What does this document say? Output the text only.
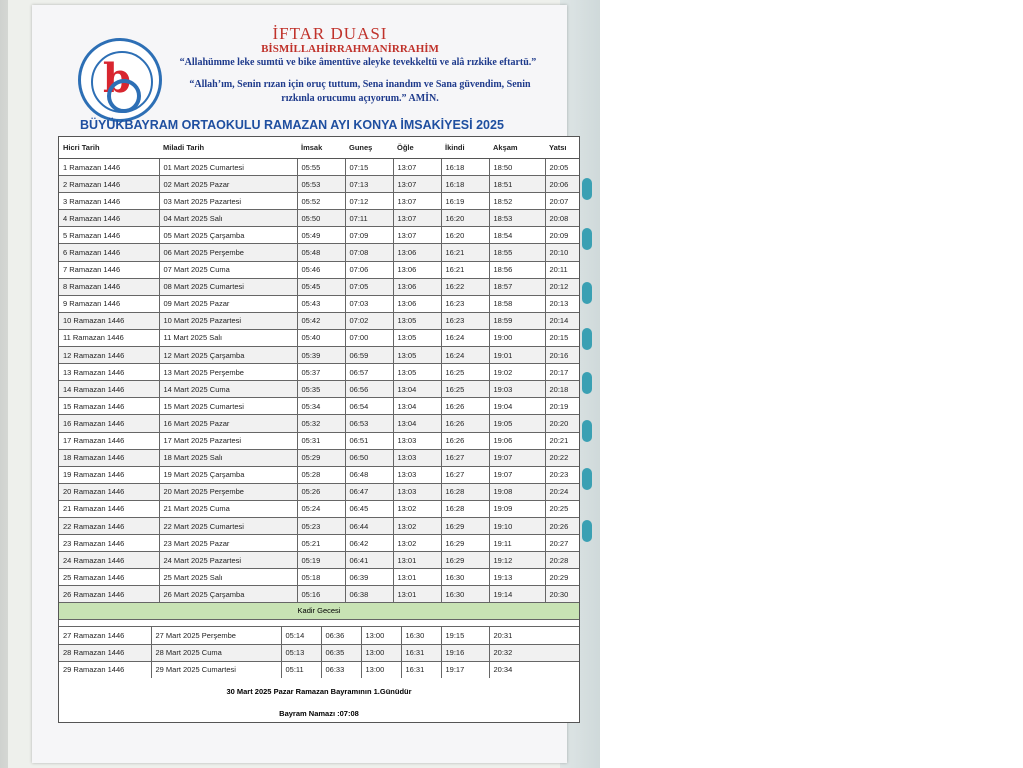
b
İFTAR DUASI
BİSMİLLAHİRRAHMANİRRAHİM
“Allahümme leke sumtü ve bike âmentüve aleyke tevekkeltü ve alâ rızkike eftartü.”
“Allah’ım, Senin rızan için oruç tuttum, Sena inandım ve Sana güvendim, Senin rızkınla orucumu açıyorum.” AMİN.
BÜYÜKBAYRAM ORTAOKULU RAMAZAN AYI KONYA İMSAKİYESİ 2025
Hicri Tarih	Miladi Tarih	İmsak	Guneş	Öğle	İkindi	Akşam	Yatsı
1 Ramazan 1446	01 Mart 2025 Cumartesi	05:55	07:15	13:07	16:18	18:50	20:05
2 Ramazan 1446	02 Mart 2025 Pazar	05:53	07:13	13:07	16:18	18:51	20:06
3 Ramazan 1446	03 Mart 2025 Pazartesi	05:52	07:12	13:07	16:19	18:52	20:07
4 Ramazan 1446	04 Mart 2025 Salı	05:50	07:11	13:07	16:20	18:53	20:08
5 Ramazan 1446	05 Mart 2025 Çarşamba	05:49	07:09	13:07	16:20	18:54	20:09
6 Ramazan 1446	06 Mart 2025 Perşembe	05:48	07:08	13:06	16:21	18:55	20:10
7 Ramazan 1446	07 Mart 2025 Cuma	05:46	07:06	13:06	16:21	18:56	20:11
8 Ramazan 1446	08 Mart 2025 Cumartesi	05:45	07:05	13:06	16:22	18:57	20:12
9 Ramazan 1446	09 Mart 2025 Pazar	05:43	07:03	13:06	16:23	18:58	20:13
10 Ramazan 1446	10 Mart 2025 Pazartesi	05:42	07:02	13:05	16:23	18:59	20:14
11 Ramazan 1446	11 Mart 2025 Salı	05:40	07:00	13:05	16:24	19:00	20:15
12 Ramazan 1446	12 Mart 2025 Çarşamba	05:39	06:59	13:05	16:24	19:01	20:16
13 Ramazan 1446	13 Mart 2025 Perşembe	05:37	06:57	13:05	16:25	19:02	20:17
14 Ramazan 1446	14 Mart 2025 Cuma	05:35	06:56	13:04	16:25	19:03	20:18
15 Ramazan 1446	15 Mart 2025 Cumartesi	05:34	06:54	13:04	16:26	19:04	20:19
16 Ramazan 1446	16 Mart 2025 Pazar	05:32	06:53	13:04	16:26	19:05	20:20
17 Ramazan 1446	17 Mart 2025 Pazartesi	05:31	06:51	13:03	16:26	19:06	20:21
18 Ramazan 1446	18 Mart 2025 Salı	05:29	06:50	13:03	16:27	19:07	20:22
19 Ramazan 1446	19 Mart 2025 Çarşamba	05:28	06:48	13:03	16:27	19:07	20:23
20 Ramazan 1446	20 Mart 2025 Perşembe	05:26	06:47	13:03	16:28	19:08	20:24
21 Ramazan 1446	21 Mart 2025 Cuma	05:24	06:45	13:02	16:28	19:09	20:25
22 Ramazan 1446	22 Mart 2025 Cumartesi	05:23	06:44	13:02	16:29	19:10	20:26
23 Ramazan 1446	23 Mart 2025 Pazar	05:21	06:42	13:02	16:29	19:11	20:27
24 Ramazan 1446	24 Mart 2025 Pazartesi	05:19	06:41	13:01	16:29	19:12	20:28
25 Ramazan 1446	25 Mart 2025 Salı	05:18	06:39	13:01	16:30	19:13	20:29
26 Ramazan 1446	26 Mart 2025 Çarşamba	05:16	06:38	13:01	16:30	19:14	20:30
Kadir Gecesi
27 Ramazan 1446	27 Mart 2025 Perşembe	05:14	06:36	13:00	16:30	19:15	20:31
28 Ramazan 1446	28 Mart 2025 Cuma	05:13	06:35	13:00	16:31	19:16	20:32
29 Ramazan 1446	29 Mart 2025 Cumartesi	05:11	06:33	13:00	16:31	19:17	20:34
30 Mart 2025 Pazar Ramazan Bayramının 1.Günüdür
Bayram Namazı :07:08
